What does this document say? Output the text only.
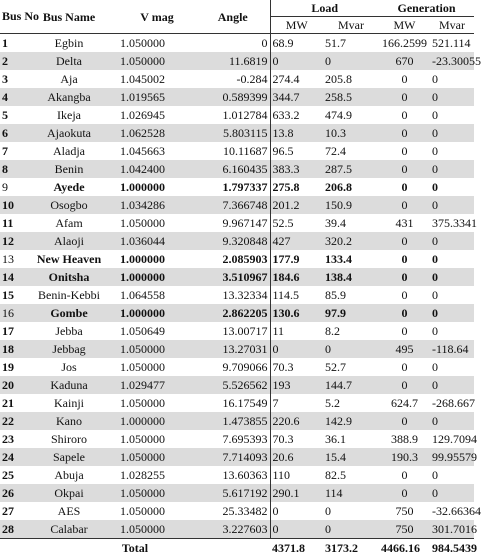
Bus No	Bus Name	V mag	Angle	Load		Generation	
				MW	Mvar	MW	Mvar
1	Egbin	1.050000	0	68.9	51.7	166.2599	521.114
2	Delta	1.050000	11.6819	0	0	670	-23.30055
3	Aja	1.045002	-0.284	274.4	205.8	0	0
4	Akangba	1.019565	0.589399	344.7	258.5	0	0
5	Ikeja	1.026945	1.012784	633.2	474.9	0	0
6	Ajaokuta	1.062528	5.803115	13.8	10.3	0	0
7	Aladja	1.045663	10.11687	96.5	72.4	0	0
8	Benin	1.042400	6.160435	383.3	287.5	0	0
9	Ayede	1.000000	1.797337	275.8	206.8	0	0
10	Osogbo	1.034286	7.366748	201.2	150.9	0	0
11	Afam	1.050000	9.967147	52.5	39.4	431	375.3341
12	Alaoji	1.036044	9.320848	427	320.2	0	0
13	New Heaven	1.000000	2.085903	177.9	133.4	0	0
14	Onitsha	1.000000	3.510967	184.6	138.4	0	0
15	Benin-Kebbi	1.064558	13.32334	114.5	85.9	0	0
16	Gombe	1.000000	2.862205	130.6	97.9	0	0
17	Jebba	1.050649	13.00717	11	8.2	0	0
18	Jebbag	1.050000	13.27031	0	0	495	-118.64
19	Jos	1.050000	9.709066	70.3	52.7	0	0
20	Kaduna	1.029477	5.526562	193	144.7	0	0
21	Kainji	1.050000	16.17549	7	5.2	624.7	-268.667
22	Kano	1.000000	1.473855	220.6	142.9	0	0
23	Shiroro	1.050000	7.695393	70.3	36.1	388.9	129.7094
24	Sapele	1.050000	7.714093	20.6	15.4	190.3	99.95579
25	Abuja	1.028255	13.60363	110	82.5	0	0
26	Okpai	1.050000	5.617192	290.1	114	0	0
27	AES	1.050000	25.33482	0	0	750	-32.66364
28	Calabar	1.050000	3.227603	0	0	750	301.7016
Total				4371.8	3173.2	4466.16	984.5439
